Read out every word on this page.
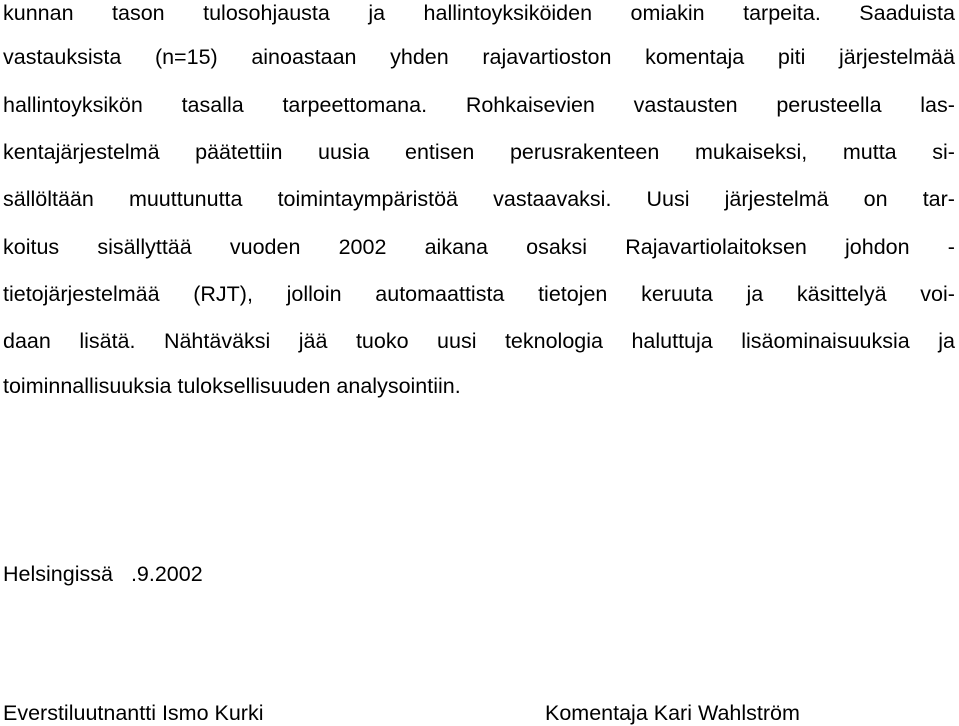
kunnan tason tulosohjausta ja hallintoyksiköiden omiakin tarpeita. Saaduista
vastauksista (n=15) ainoastaan yhden rajavartioston komentaja piti järjestelmää
hallintoyksikön tasalla tarpeettomana. Rohkaisevien vastausten perusteella las-
kentajärjestelmä päätettiin uusia entisen perusrakenteen mukaiseksi, mutta si-
sällöltään muuttunutta toimintaympäristöä vastaavaksi. Uusi järjestelmä on tar-
koitus sisällyttää vuoden 2002 aikana osaksi Rajavartiolaitoksen johdon -
tietojärjestelmää (RJT), jolloin automaattista tietojen keruuta ja käsittelyä voi-
daan lisätä. Nähtäväksi jää tuoko uusi teknologia haluttuja lisäominaisuuksia ja
toiminnallisuuksia tuloksellisuuden analysointiin.
Helsingissä .9.2002
Everstiluutnantti Ismo Kurki	Komentaja Kari Wahlström
